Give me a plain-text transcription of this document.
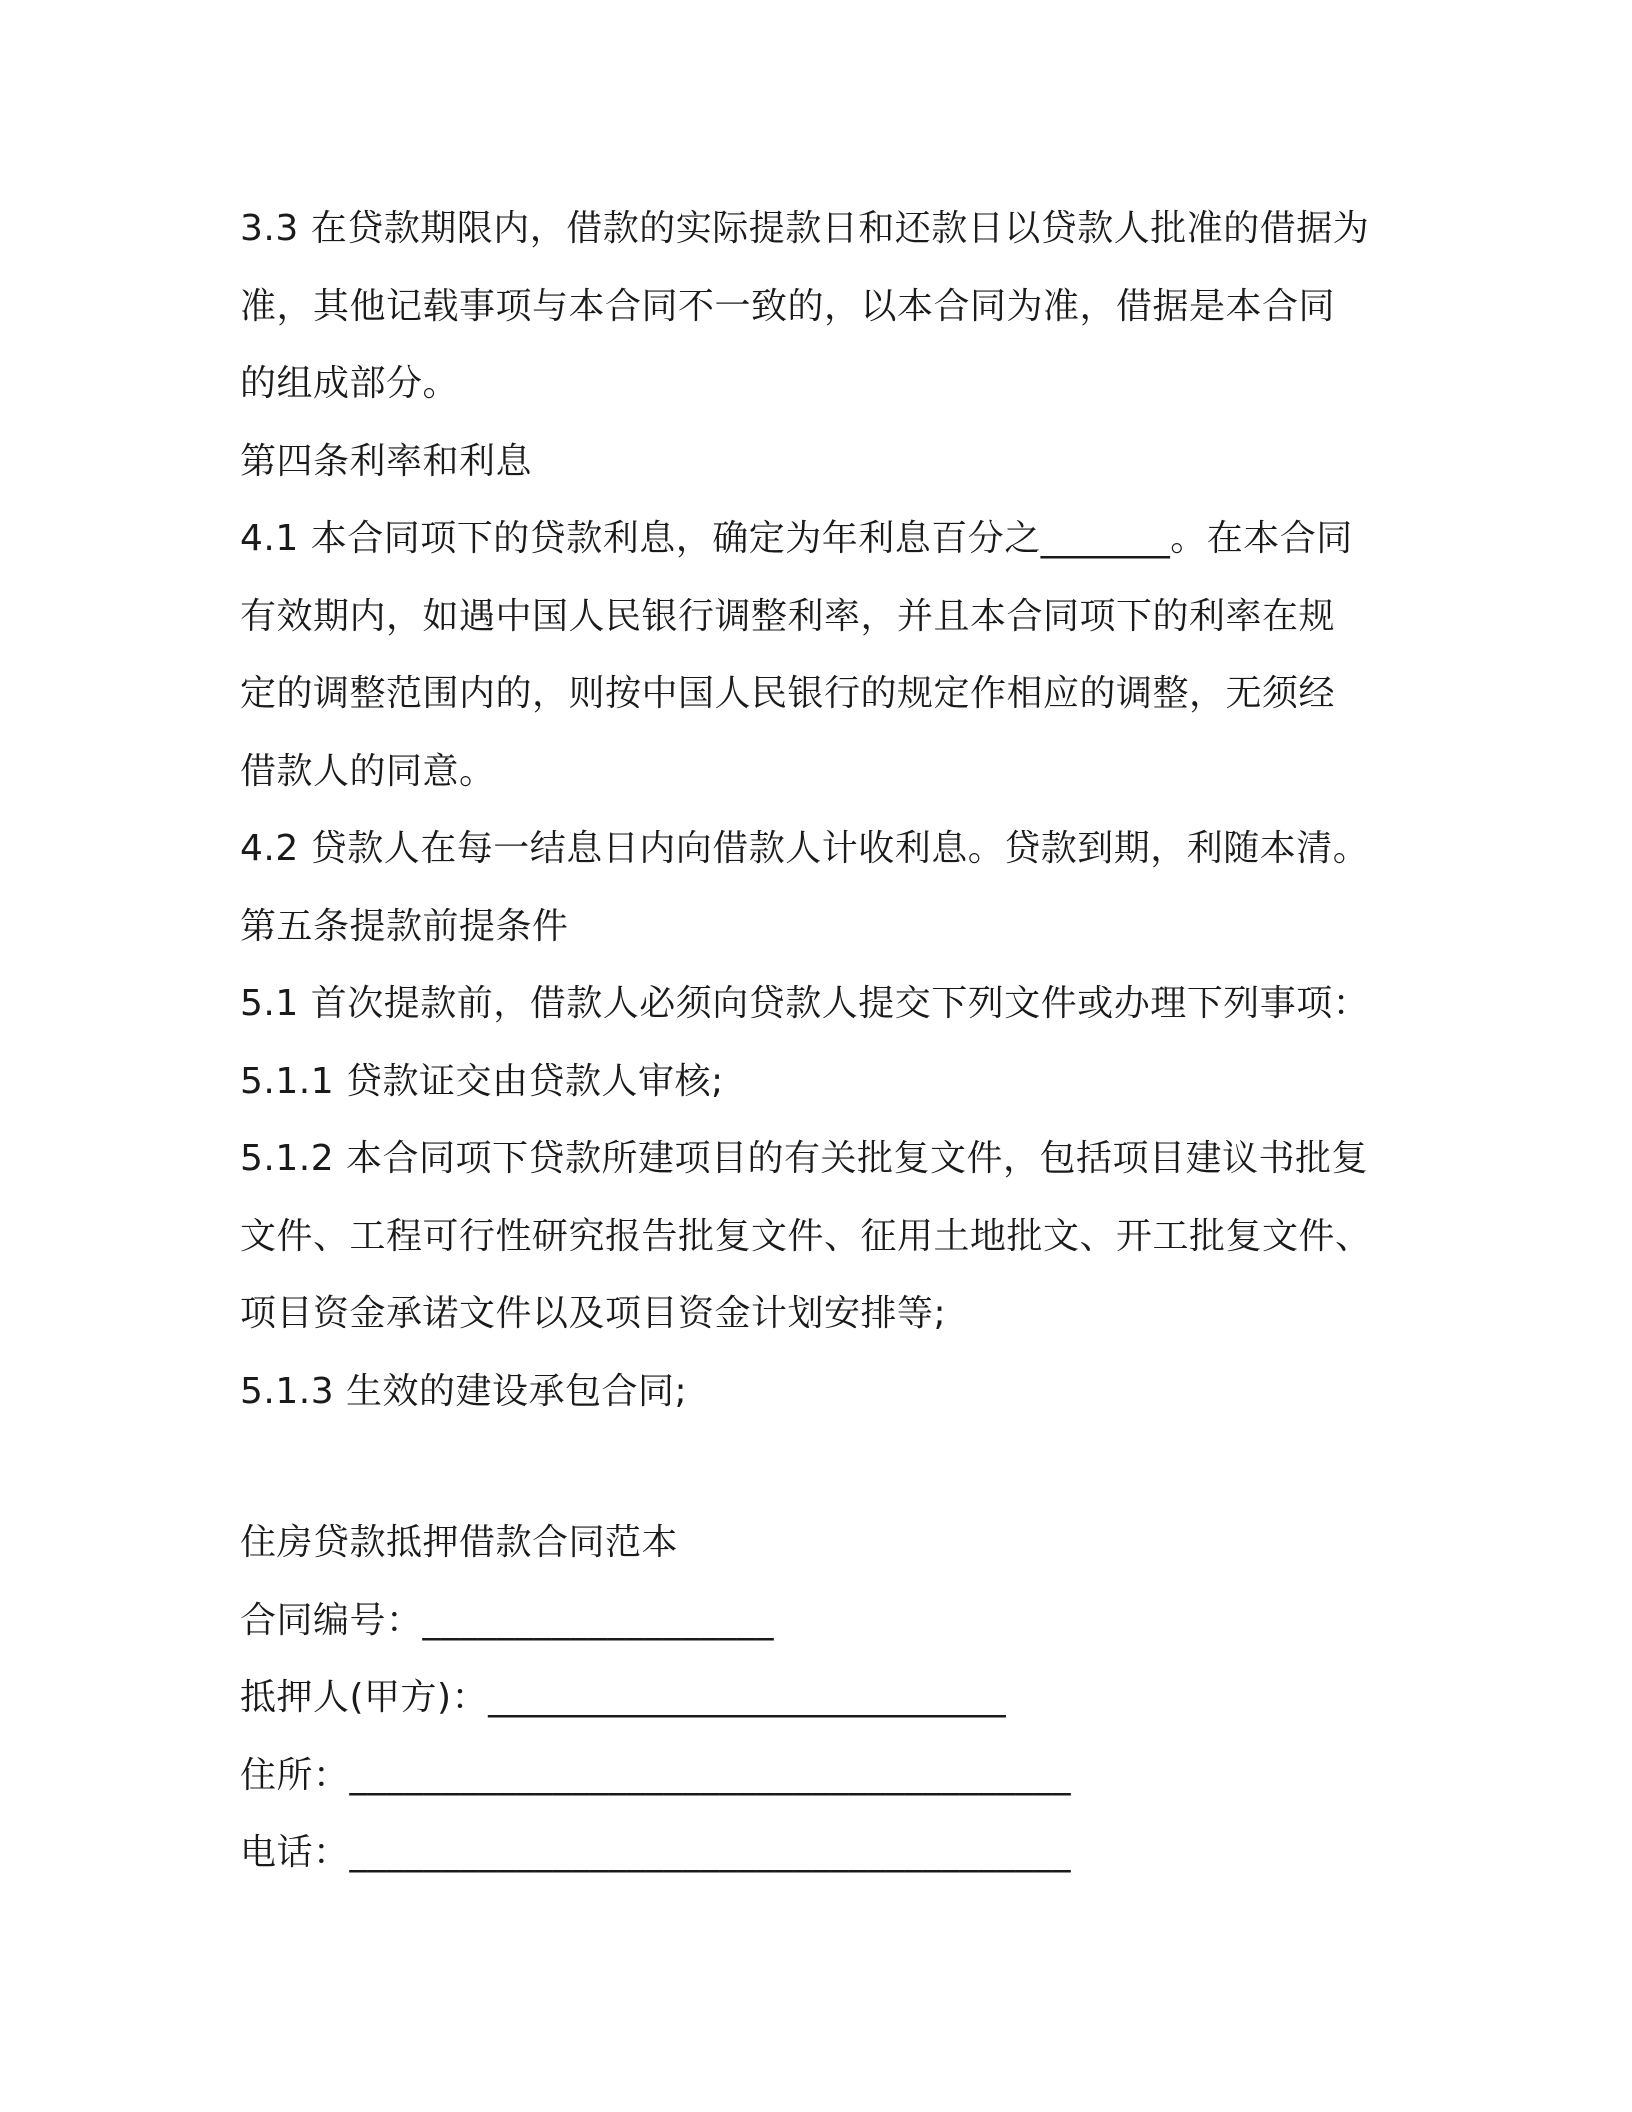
3.3 在贷款期限内，借款的实际提款日和还款日以贷款人批准的借据为
准，其他记载事项与本合同不一致的，以本合同为准，借据是本合同
的组成部分。
第四条利率和利息
4.1 本合同项下的贷款利息，确定为年利息百分之_______。在本合同
有效期内，如遇中国人民银行调整利率，并且本合同项下的利率在规
定的调整范围内的，则按中国人民银行的规定作相应的调整，无须经
借款人的同意。
4.2 贷款人在每一结息日内向借款人计收利息。贷款到期，利随本清。
第五条提款前提条件
5.1 首次提款前，借款人必须向贷款人提交下列文件或办理下列事项：
5.1.1 贷款证交由贷款人审核;
5.1.2 本合同项下贷款所建项目的有关批复文件，包括项目建议书批复
文件、工程可行性研究报告批复文件、征用土地批文、开工批复文件、
项目资金承诺文件以及项目资金计划安排等;
5.1.3 生效的建设承包合同;
住房贷款抵押借款合同范本
合同编号：___________________
抵押人(甲方)：____________________________
住所：_______________________________________
电话：_______________________________________
